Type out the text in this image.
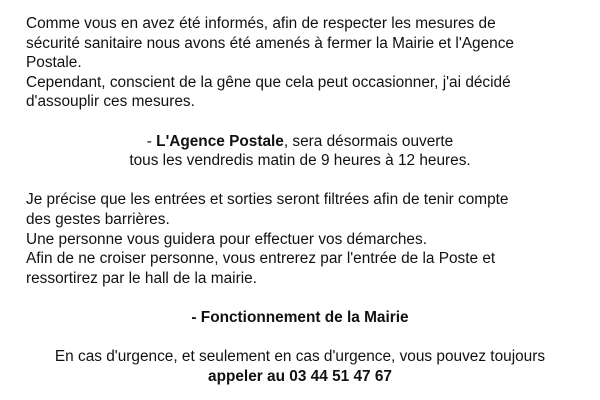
Comme vous en avez été informés, afin de respecter les mesures de

sécurité sanitaire nous avons été amenés à fermer la Mairie et l'Agence

Postale.

Cependant, conscient de la gêne que cela peut occasionner, j'ai décidé

d'assouplir ces mesures.

- L'Agence Postale, sera désormais ouverte

tous les vendredis matin de 9 heures à 12 heures.

Je précise que les entrées et sorties seront filtrées afin de tenir compte

des gestes barrières.

Une personne vous guidera pour effectuer vos démarches.

Afin de ne croiser personne, vous entrerez par l'entrée de la Poste et

ressortirez par le hall de la mairie.

- Fonctionnement de la Mairie

En cas d'urgence, et seulement en cas d'urgence, vous pouvez toujours

appeler au 03 44 51 47 67
